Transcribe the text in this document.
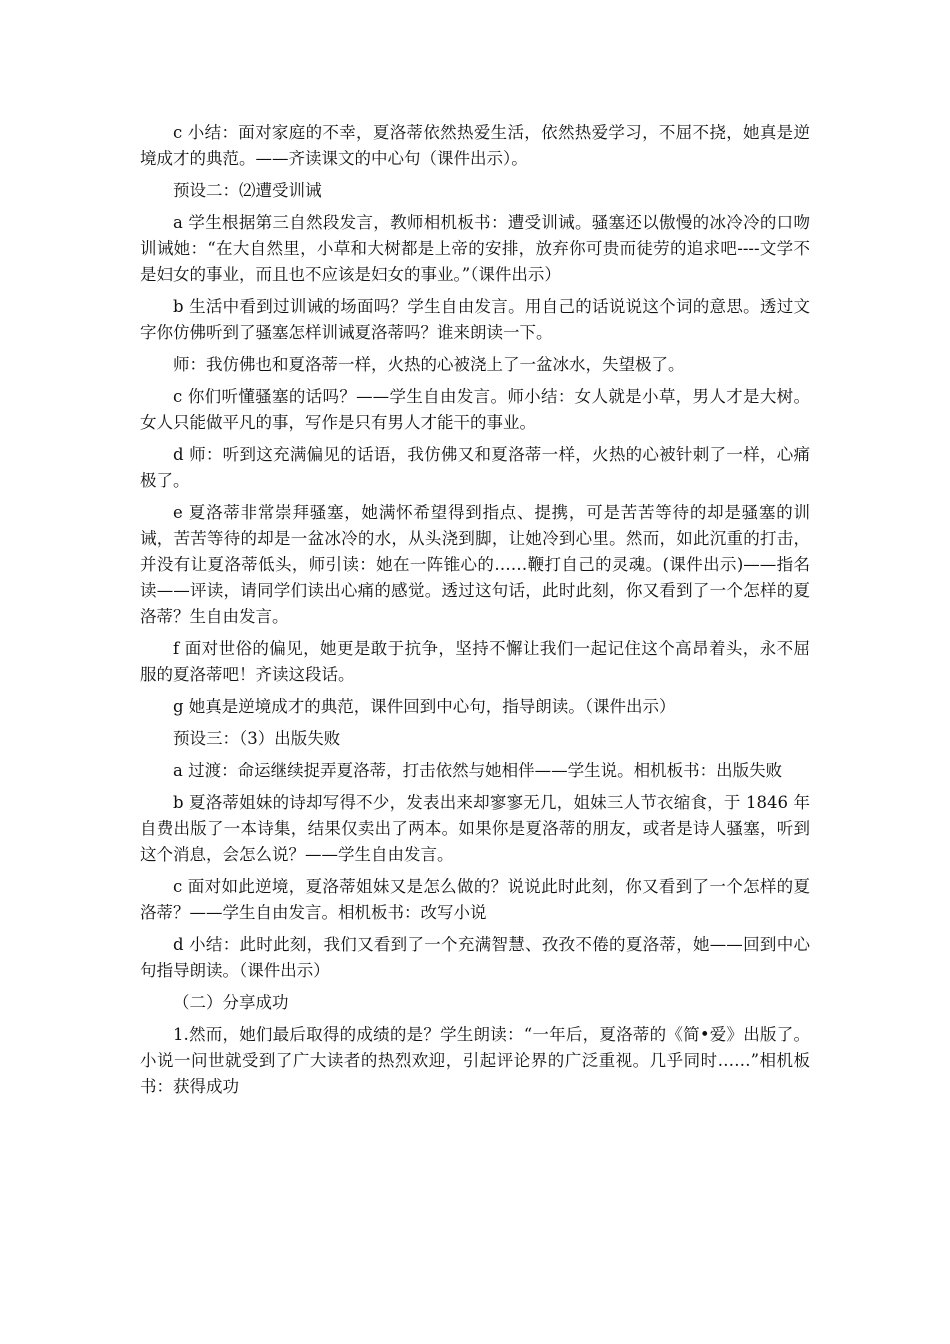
c 小结：面对家庭的不幸，夏洛蒂依然热爱生活，依然热爱学习，不屈不挠，她真是逆境成才的典范。——齐读课文的中心句（课件出示）。

预设二：⑵遭受训诫

a 学生根据第三自然段发言，教师相机板书：遭受训诫。骚塞还以傲慢的冰冷冷的口吻训诫她：“在大自然里，小草和大树都是上帝的安排，放弃你可贵而徒劳的追求吧----文学不是妇女的事业，而且也不应该是妇女的事业。”（课件出示）

b 生活中看到过训诫的场面吗？学生自由发言。用自己的话说说这个词的意思。透过文字你仿佛听到了骚塞怎样训诫夏洛蒂吗？谁来朗读一下。

师：我仿佛也和夏洛蒂一样，火热的心被浇上了一盆冰水，失望极了。

c 你们听懂骚塞的话吗？——学生自由发言。师小结：女人就是小草，男人才是大树。女人只能做平凡的事，写作是只有男人才能干的事业。

d 师：听到这充满偏见的话语，我仿佛又和夏洛蒂一样，火热的心被针刺了一样，心痛极了。

e 夏洛蒂非常崇拜骚塞，她满怀希望得到指点、提携，可是苦苦等待的却是骚塞的训诫，苦苦等待的却是一盆冰冷的水，从头浇到脚，让她冷到心里。然而，如此沉重的打击，并没有让夏洛蒂低头，师引读：她在一阵锥心的……鞭打自己的灵魂。(课件出示)——指名读——评读，请同学们读出心痛的感觉。透过这句话，此时此刻，你又看到了一个怎样的夏洛蒂？生自由发言。

f 面对世俗的偏见，她更是敢于抗争，坚持不懈让我们一起记住这个高昂着头，永不屈服的夏洛蒂吧！齐读这段话。

g 她真是逆境成才的典范，课件回到中心句，指导朗读。（课件出示）

预设三：（3）出版失败

a 过渡：命运继续捉弄夏洛蒂，打击依然与她相伴——学生说。相机板书：出版失败

b 夏洛蒂姐妹的诗却写得不少，发表出来却寥寥无几，姐妹三人节衣缩食，于 1846 年自费出版了一本诗集，结果仅卖出了两本。如果你是夏洛蒂的朋友，或者是诗人骚塞，听到这个消息，会怎么说？——学生自由发言。

c 面对如此逆境，夏洛蒂姐妹又是怎么做的？说说此时此刻，你又看到了一个怎样的夏洛蒂？——学生自由发言。相机板书：改写小说

d 小结：此时此刻，我们又看到了一个充满智慧、孜孜不倦的夏洛蒂，她——回到中心句指导朗读。（课件出示）

（二）分享成功

1.然而，她们最后取得的成绩的是？学生朗读：“一年后，夏洛蒂的《简•爱》出版了。小说一问世就受到了广大读者的热烈欢迎，引起评论界的广泛重视。几乎同时……”相机板书：获得成功
